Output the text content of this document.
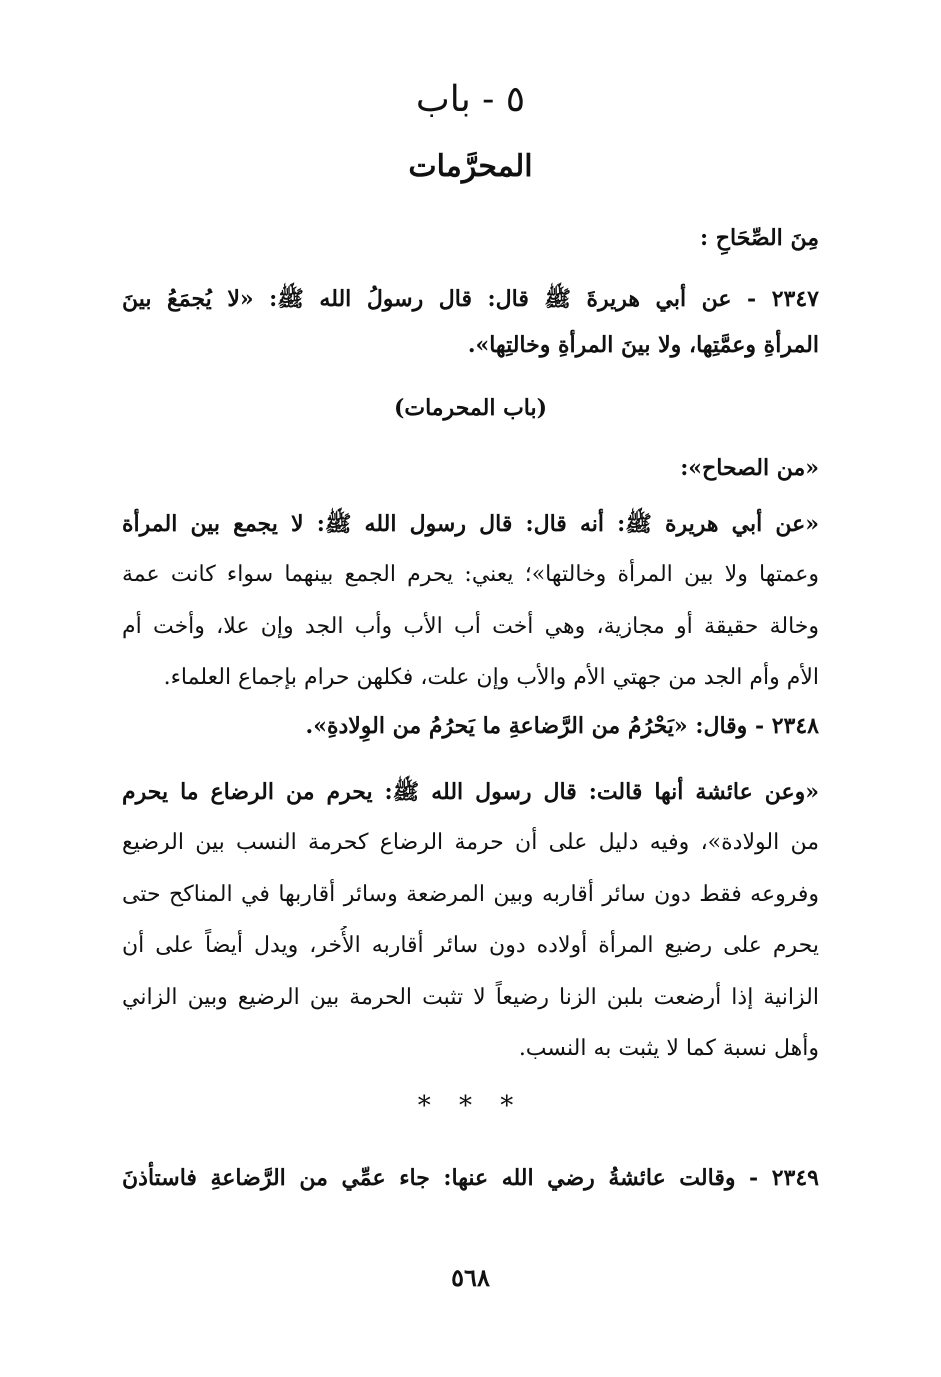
٥ - باب
المحرَّمات
مِنَ الصِّحَاحِ :
٢٣٤٧ - عن أبي هريرةَ ﷺ قال: قال رسولُ الله ﷺ: «لا يُجمَعُ بينَ
المرأةِ وعمَّتِها، ولا بينَ المرأةِ وخالتِها».
(باب المحرمات)
«من الصحاح»:
«عن أبي هريرة ﷺ: أنه قال: قال رسول الله ﷺ: لا يجمع بين المرأة
وعمتها ولا بين المرأة وخالتها»؛ يعني: يحرم الجمع بينهما سواء كانت عمة
وخالة حقيقة أو مجازية، وهي أخت أب الأب وأب الجد وإن علا، وأخت أم
الأم وأم الجد من جهتي الأم والأب وإن علت، فكلهن حرام بإجماع العلماء.
٢٣٤٨ - وقال: «يَحْرُمُ من الرَّضاعةِ ما يَحرُمُ من الوِلادةِ».
«وعن عائشة أنها قالت: قال رسول الله ﷺ: يحرم من الرضاع ما يحرم
من الولادة»، وفيه دليل على أن حرمة الرضاع كحرمة النسب بين الرضيع
وفروعه فقط دون سائر أقاربه وبين المرضعة وسائر أقاربها في المناكح حتى
يحرم على رضيع المرأة أولاده دون سائر أقاربه الأُخر، ويدل أيضاً على أن
الزانية إذا أرضعت بلبن الزنا رضيعاً لا تثبت الحرمة بين الرضيع وبين الزاني
وأهل نسبة كما لا يثبت به النسب.
* * *
٢٣٤٩ - وقالت عائشةُ رضي الله عنها: جاء عمِّي من الرَّضاعةِ فاستأذنَ
٥٦٨
